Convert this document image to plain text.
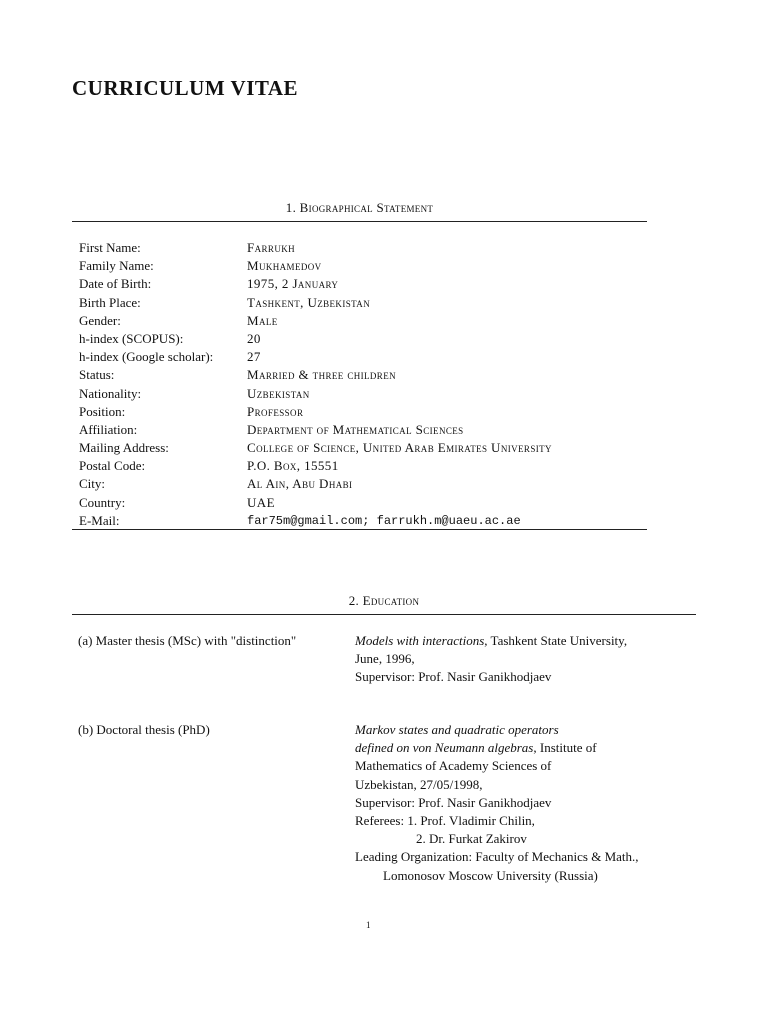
CURRICULUM VITAE
1. Biographical Statement
First Name:	Farrukh
Family Name:	Mukhamedov
Date of Birth:	1975, 2 January
Birth Place:	Tashkent, Uzbekistan
Gender:	Male
h-index (SCOPUS):	20
h-index (Google scholar):	27
Status:	Married & three children
Nationality:	Uzbekistan
Position:	Professor
Affiliation:	Department of Mathematical Sciences
Mailing Address:	College of Science, United Arab Emirates University
Postal Code:	P.O. Box, 15551
City:	Al Ain, Abu Dhabi
Country:	UAE
E-Mail:	far75m@gmail.com; farrukh.m@uaeu.ac.ae
2. Education
(a) Master thesis (MSc) with "distinction"	Models with interactions, Tashkent State University,
June, 1996,
Supervisor: Prof. Nasir Ganikhodjaev
(b) Doctoral thesis (PhD)	Markov states and quadratic operators
defined on von Neumann algebras, Institute of
Mathematics of Academy Sciences of
Uzbekistan, 27/05/1998,
Supervisor: Prof. Nasir Ganikhodjaev
Referees: 1. Prof. Vladimir Chilin,
2. Dr. Furkat Zakirov
Leading Organization: Faculty of Mechanics & Math.,
Lomonosov Moscow University (Russia)
1
